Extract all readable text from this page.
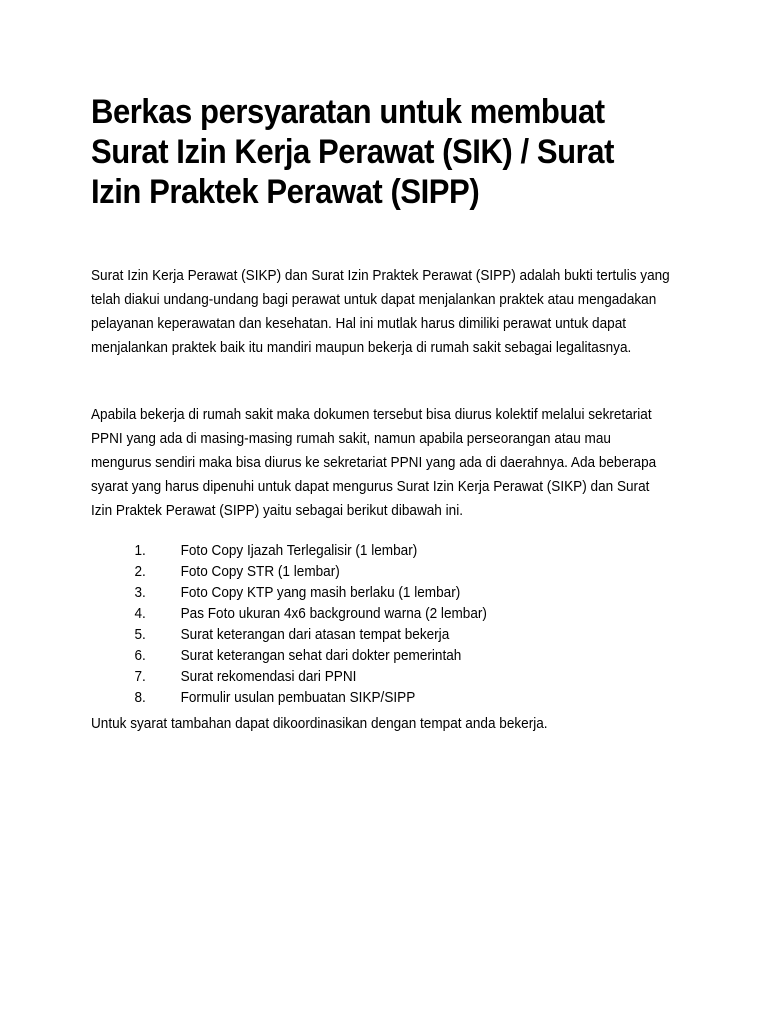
Berkas persyaratan untuk membuat Surat Izin Kerja Perawat (SIK) / Surat Izin Praktek Perawat (SIPP)

Surat Izin Kerja Perawat (SIKP) dan Surat Izin Praktek Perawat (SIPP) adalah bukti tertulis yang telah diakui undang-undang bagi perawat untuk dapat menjalankan praktek atau mengadakan pelayanan keperawatan dan kesehatan. Hal ini mutlak harus dimiliki perawat untuk dapat menjalankan praktek baik itu mandiri maupun bekerja di rumah sakit sebagai legalitasnya.

Apabila bekerja di rumah sakit maka dokumen tersebut bisa diurus kolektif melalui sekretariat PPNI yang ada di masing-masing rumah sakit, namun apabila perseorangan atau mau mengurus sendiri maka bisa diurus ke sekretariat PPNI yang ada di daerahnya. Ada beberapa syarat yang harus dipenuhi untuk dapat mengurus Surat Izin Kerja Perawat (SIKP) dan Surat Izin Praktek Perawat (SIPP) yaitu sebagai berikut dibawah ini.

1. Foto Copy Ijazah Terlegalisir (1 lembar)
2. Foto Copy STR (1 lembar)
3. Foto Copy KTP yang masih berlaku (1 lembar)
4. Pas Foto ukuran 4x6 background warna (2 lembar)
5. Surat keterangan dari atasan tempat bekerja
6. Surat keterangan sehat dari dokter pemerintah
7. Surat rekomendasi dari PPNI
8. Formulir usulan pembuatan SIKP/SIPP

Untuk syarat tambahan dapat dikoordinasikan dengan tempat anda bekerja.
